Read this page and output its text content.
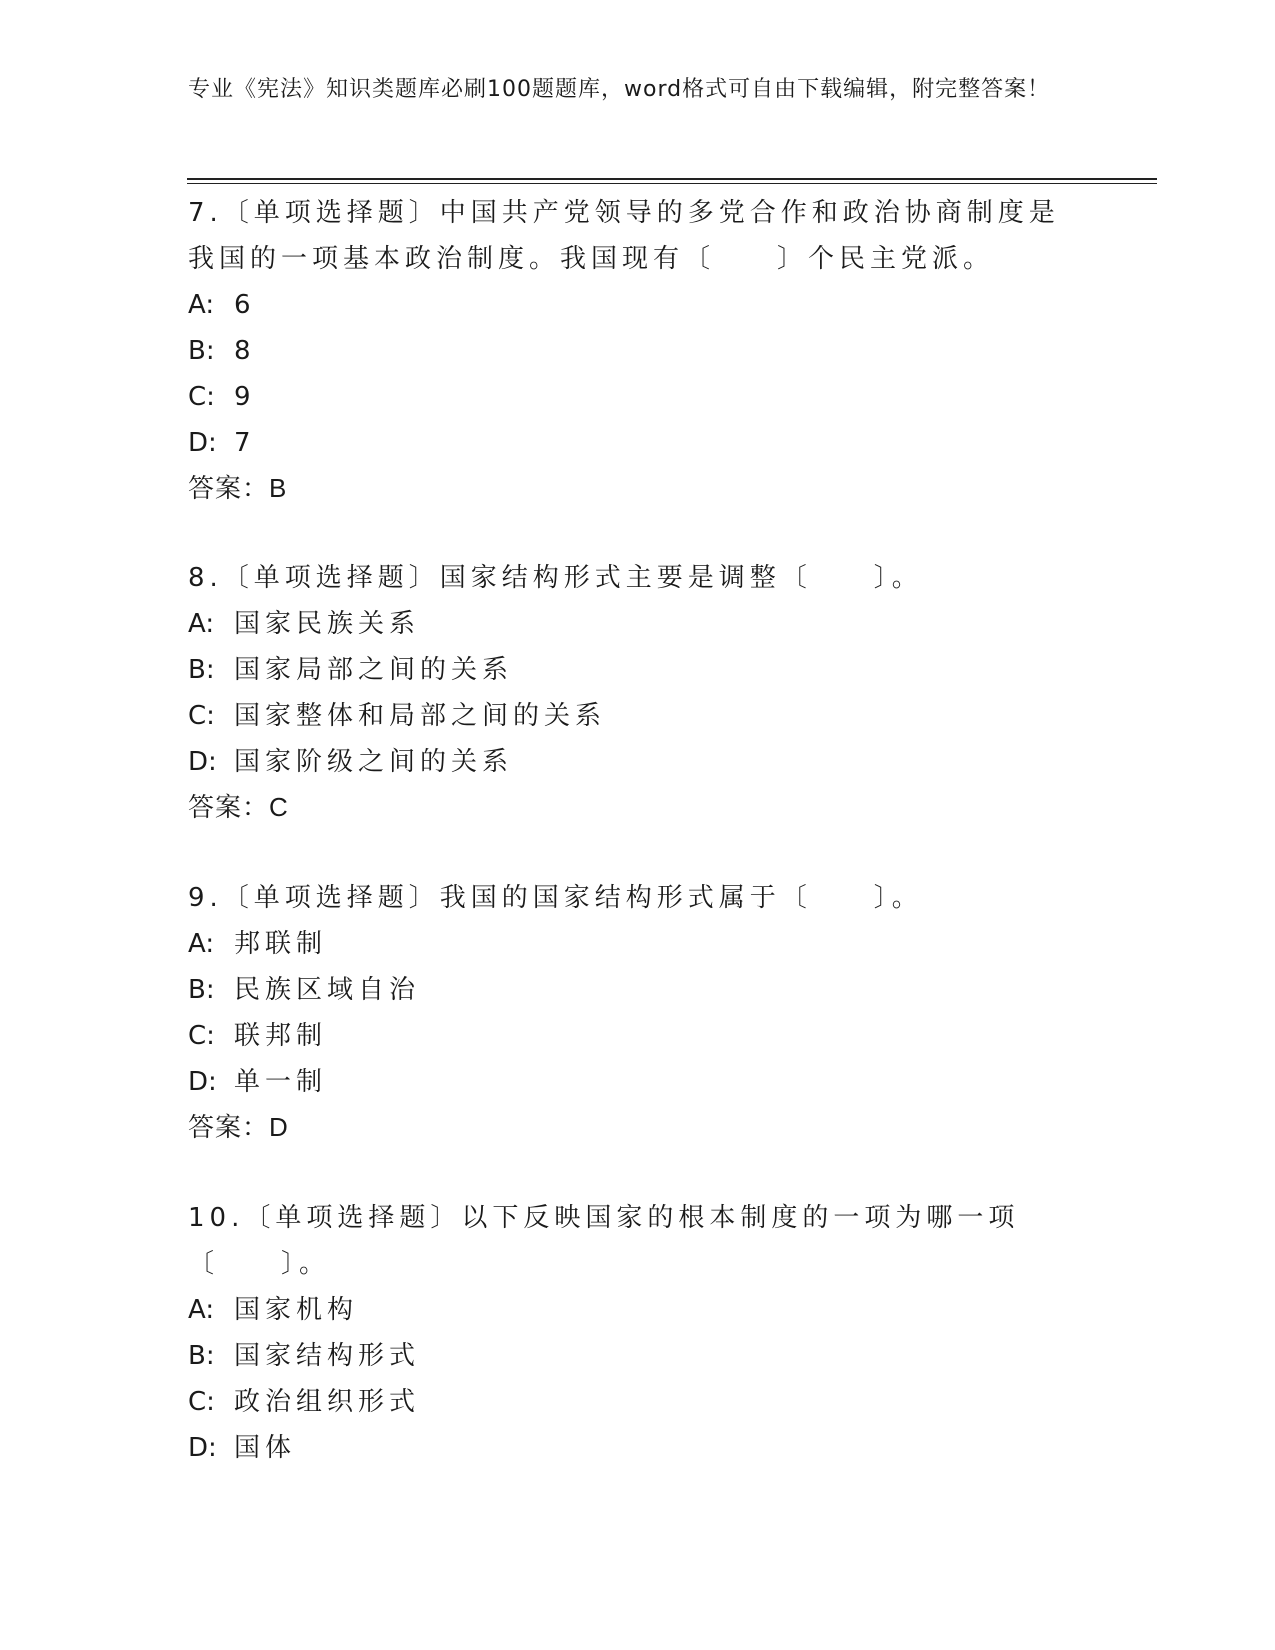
专业《宪法》知识类题库必刷100题题库，word格式可自由下载编辑，附完整答案！

7.〔单项选择题〕中国共产党领导的多党合作和政治协商制度是我国的一项基本政治制度。我国现有〔　　〕个民主党派。

A: 6

B: 8

C: 9

D: 7

答案：B

8.〔单项选择题〕国家结构形式主要是调整〔　　〕。

A: 国家民族关系

B: 国家局部之间的关系

C: 国家整体和局部之间的关系

D: 国家阶级之间的关系

答案：C

9.〔单项选择题〕我国的国家结构形式属于〔　　〕。

A: 邦联制

B: 民族区域自治

C: 联邦制

D: 单一制

答案：D

10.〔单项选择题〕以下反映国家的根本制度的一项为哪一项〔　　〕。

A: 国家机构

B: 国家结构形式

C: 政治组织形式

D: 国体
